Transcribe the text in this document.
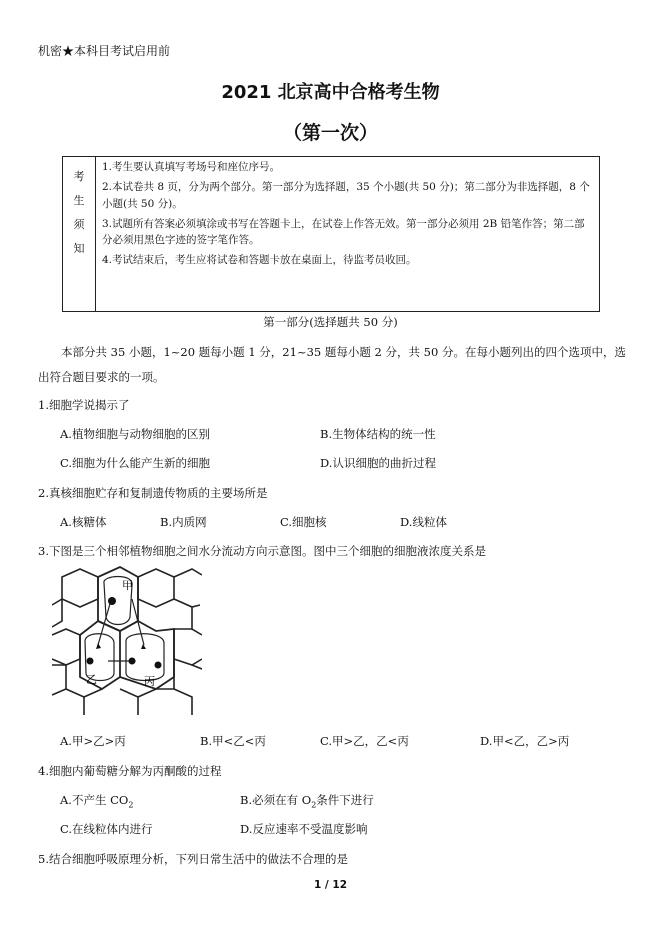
机密★本科目考试启用前
2021 北京高中合格考生物
（第一次）
考
生
须
知

1.考生要认真填写考场号和座位序号。

2.本试卷共 8 页，分为两个部分。第一部分为选择题，35 个小题(共 50 分)；第二部分为非选择题，8 个小题(共 50 分)。

3.试题所有答案必须填涂或书写在答题卡上，在试卷上作答无效。第一部分必须用 2B 铅笔作答；第二部分必须用黑色字迹的签字笔作答。

4.考试结束后，考生应将试卷和答题卡放在桌面上，待监考员收回。

第一部分(选择题共 50 分)
本部分共 35 小题，1~20 题每小题 1 分，21~35 题每小题 2 分，共 50 分。在每小题列出的四个选项中，选出符合题目要求的一项。
1.细胞学说揭示了
A.植物细胞与动物细胞的区别	B.生物体结构的统一性
C.细胞为什么能产生新的细胞	D.认识细胞的曲折过程
2.真核细胞贮存和复制遗传物质的主要场所是
A.核糖体	B.内质网	C.细胞核	D.线粒体
3.下图是三个相邻植物细胞之间水分流动方向示意图。图中三个细胞的细胞液浓度关系是
甲
乙	丙
A.甲>乙>丙	B.甲<乙<丙	C.甲>乙，乙<丙	D.甲<乙，乙>丙
4.细胞内葡萄糖分解为丙酮酸的过程
A.不产生 $CO_2$	B.必须在有 $O_2$条件下进行
C.在线粒体内进行	D.反应速率不受温度影响
5.结合细胞呼吸原理分析，下列日常生活中的做法不合理的是
1 / 12
